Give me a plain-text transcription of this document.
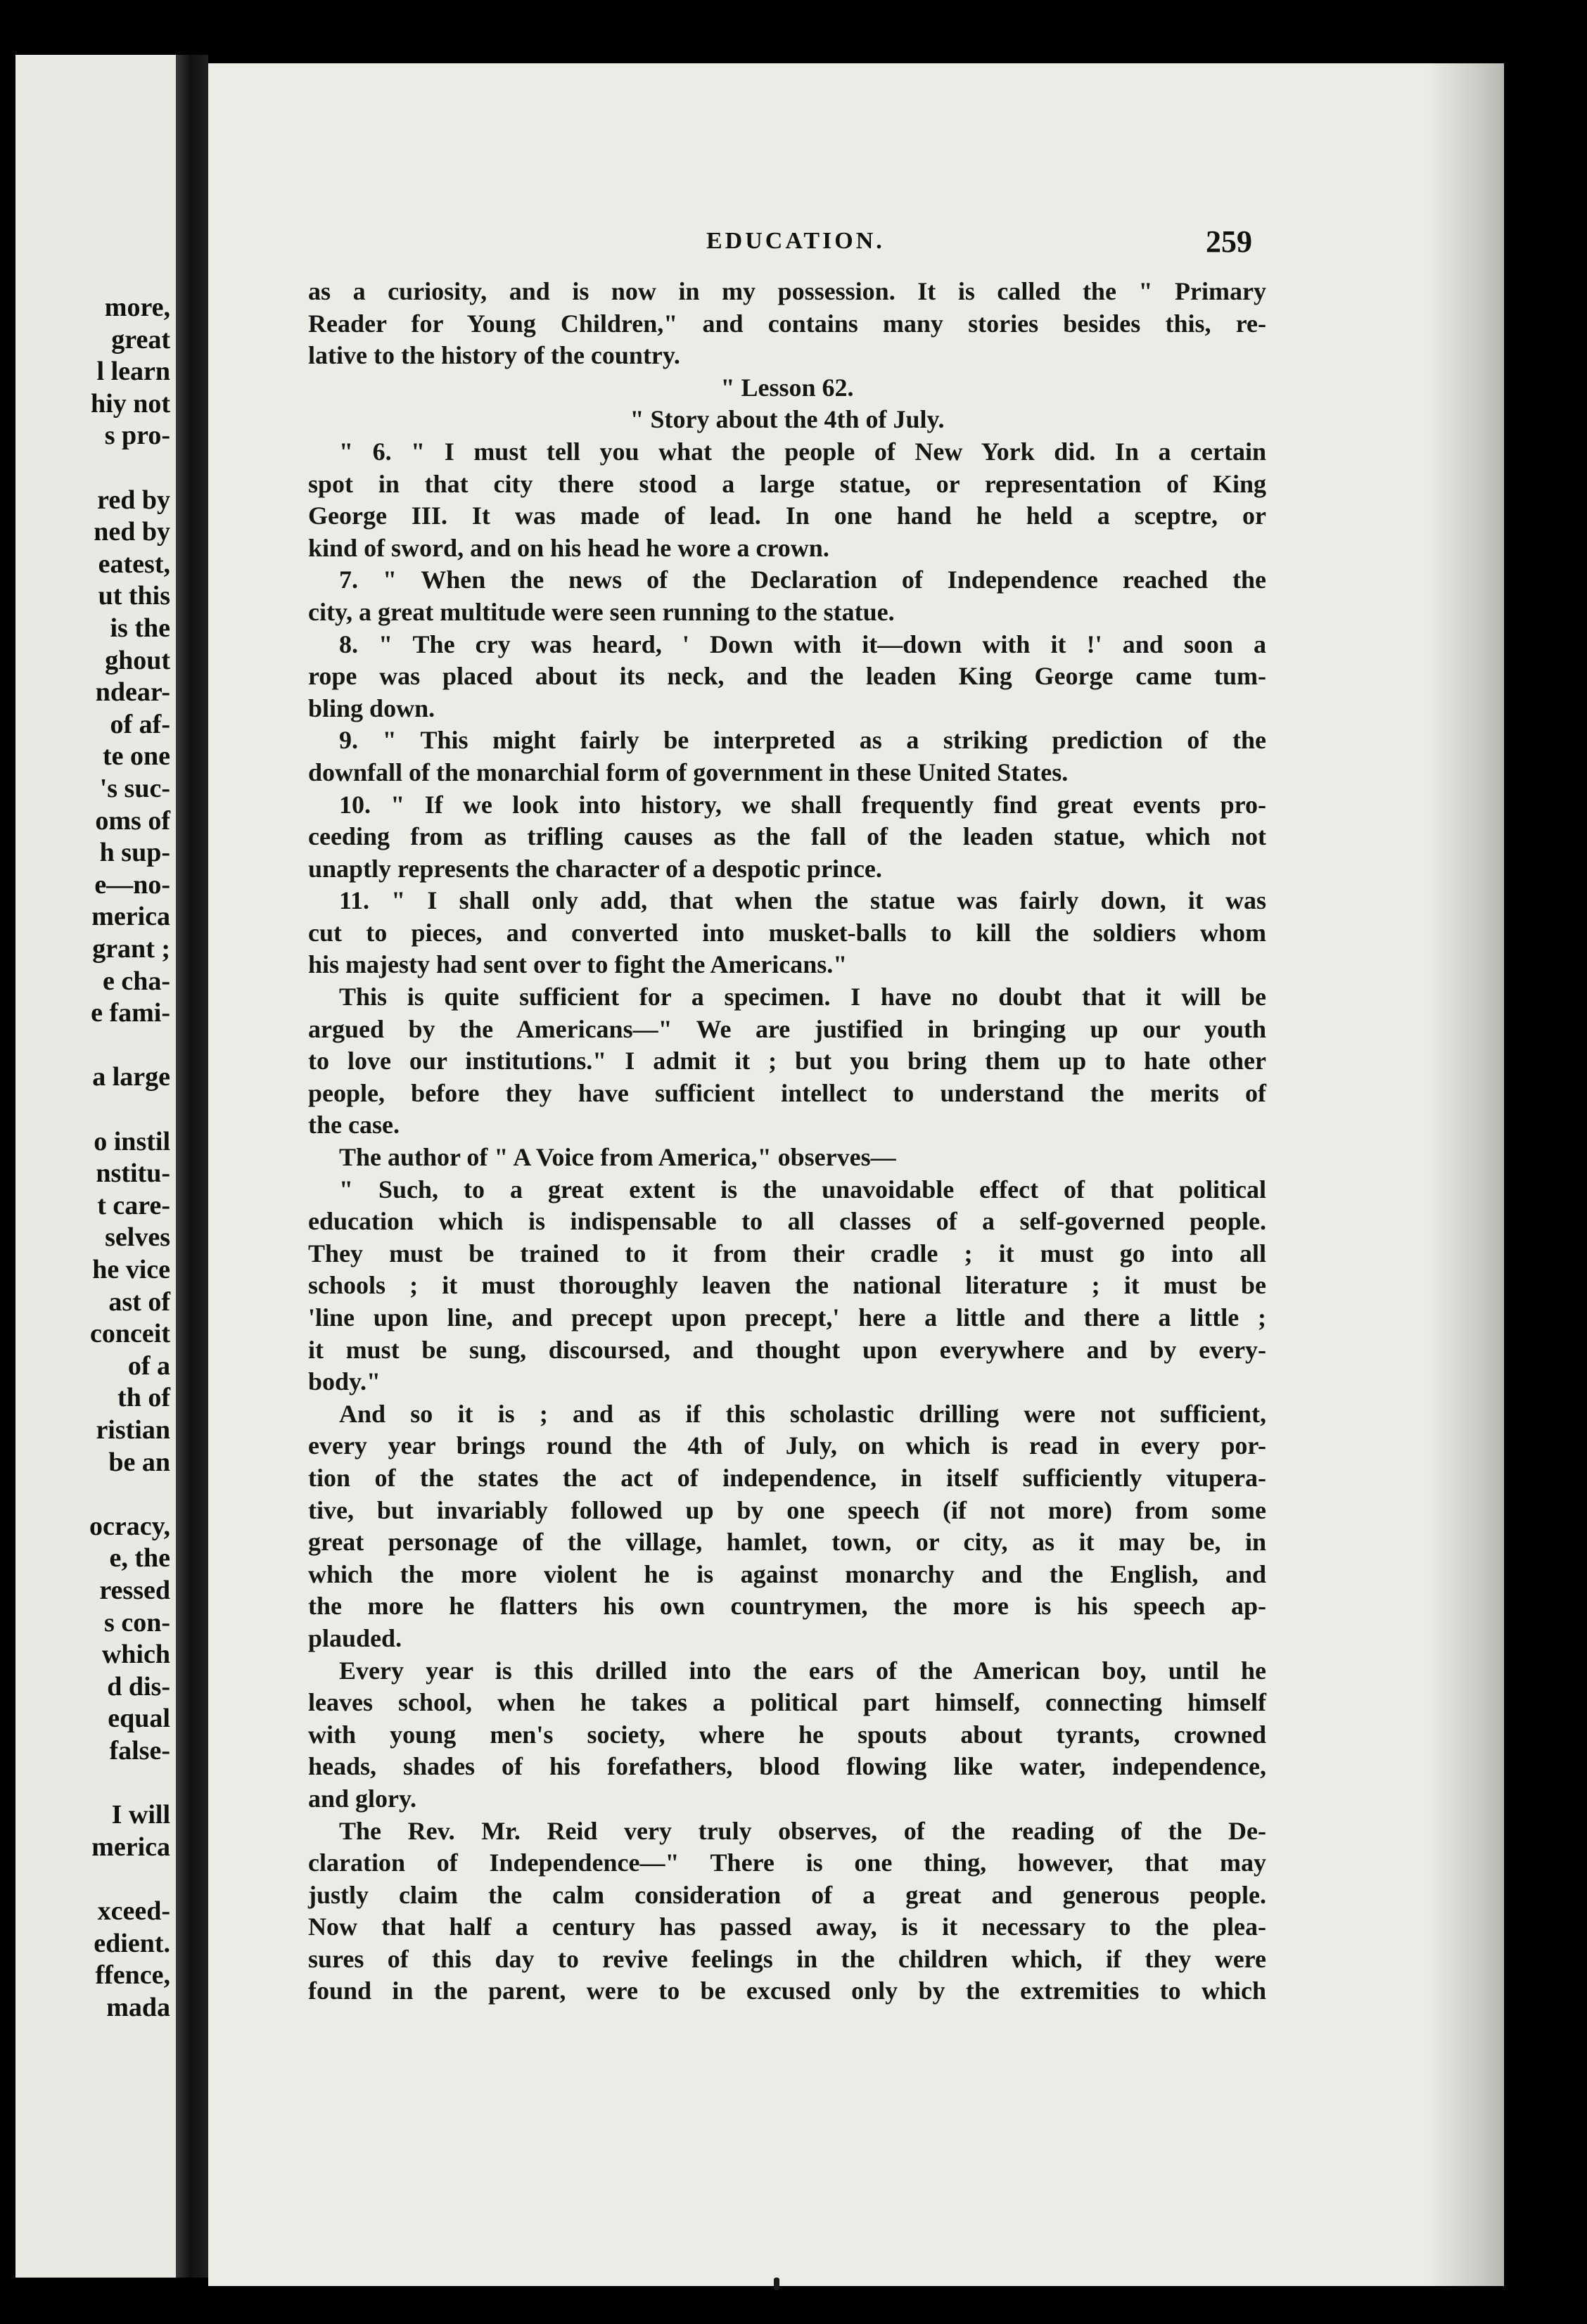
more,
great
l learn
hiy not
s pro-
red by
ned by
eatest,
ut this
is the
ghout
ndear-
of af-
te one
's suc-
oms of
h sup-
e—no-
merica
grant ;
e cha-
e fami-
a large
o instil
nstitu-
t care-
selves
he vice
ast of
conceit
of a
th of
ristian
be an
ocracy,
e, the
ressed
s con-
which
d dis-
equal
false-
I will
merica
xceed-
edient.
ffence,
mada
EDUCATION.	259
as a curiosity, and is now in my possession. It is called the " Primary
Reader for Young Children," and contains many stories besides this, re-
lative to the history of the country.
" Lesson 62.
" Story about the 4th of July.
" 6. " I must tell you what the people of New York did. In a certain
spot in that city there stood a large statue, or representation of King
George III. It was made of lead. In one hand he held a sceptre, or
kind of sword, and on his head he wore a crown.
7. " When the news of the Declaration of Independence reached the
city, a great multitude were seen running to the statue.
8. " The cry was heard, ' Down with it—down with it !' and soon a
rope was placed about its neck, and the leaden King George came tum-
bling down.
9. " This might fairly be interpreted as a striking prediction of the
downfall of the monarchial form of government in these United States.
10. " If we look into history, we shall frequently find great events pro-
ceeding from as trifling causes as the fall of the leaden statue, which not
unaptly represents the character of a despotic prince.
11. " I shall only add, that when the statue was fairly down, it was
cut to pieces, and converted into musket-balls to kill the soldiers whom
his majesty had sent over to fight the Americans."
This is quite sufficient for a specimen. I have no doubt that it will be
argued by the Americans—" We are justified in bringing up our youth
to love our institutions." I admit it ; but you bring them up to hate other
people, before they have sufficient intellect to understand the merits of
the case.
The author of " A Voice from America," observes—
" Such, to a great extent is the unavoidable effect of that political
education which is indispensable to all classes of a self-governed people.
They must be trained to it from their cradle ; it must go into all
schools ; it must thoroughly leaven the national literature ; it must be
'line upon line, and precept upon precept,' here a little and there a little ;
it must be sung, discoursed, and thought upon everywhere and by every-
body."
And so it is ; and as if this scholastic drilling were not sufficient,
every year brings round the 4th of July, on which is read in every por-
tion of the states the act of independence, in itself sufficiently vitupera-
tive, but invariably followed up by one speech (if not more) from some
great personage of the village, hamlet, town, or city, as it may be, in
which the more violent he is against monarchy and the English, and
the more he flatters his own countrymen, the more is his speech ap-
plauded.
Every year is this drilled into the ears of the American boy, until he
leaves school, when he takes a political part himself, connecting himself
with young men's society, where he spouts about tyrants, crowned
heads, shades of his forefathers, blood flowing like water, independence,
and glory.
The Rev. Mr. Reid very truly observes, of the reading of the De-
claration of Independence—" There is one thing, however, that may
justly claim the calm consideration of a great and generous people.
Now that half a century has passed away, is it necessary to the plea-
sures of this day to revive feelings in the children which, if they were
found in the parent, were to be excused only by the extremities to which
